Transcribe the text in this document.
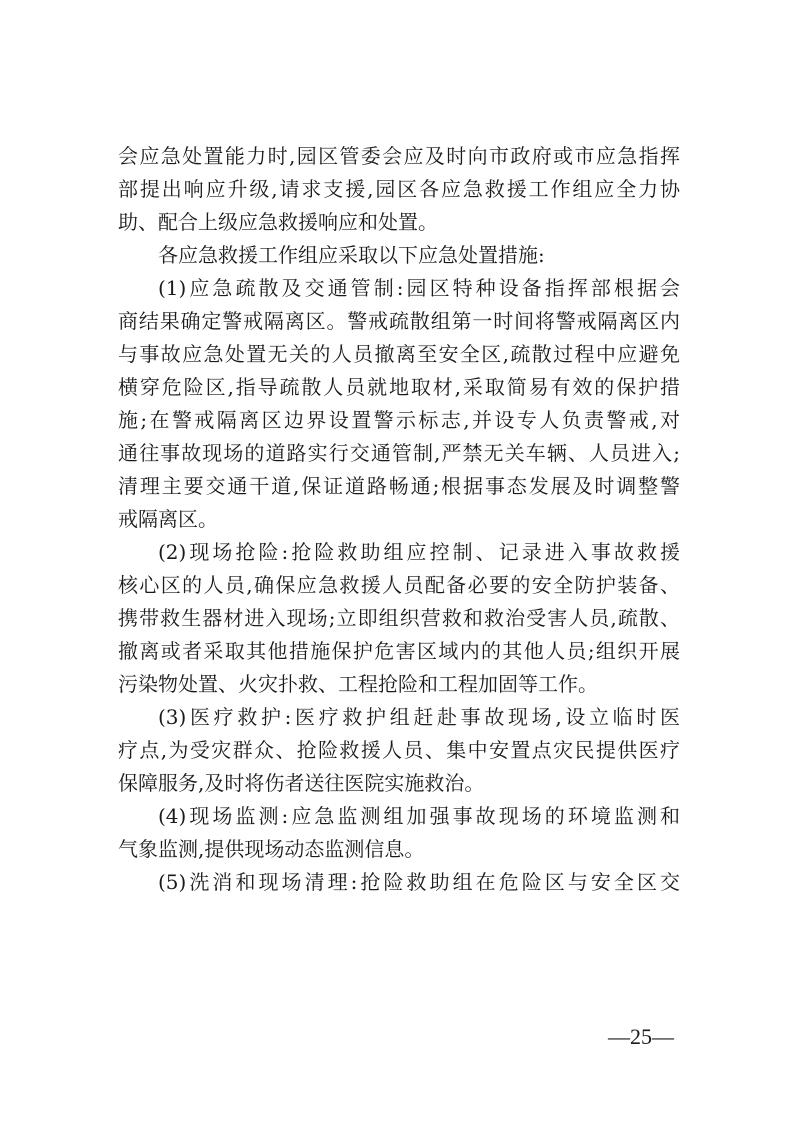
会应急处置能力时,园区管委会应及时向市政府或市应急指挥
部提出响应升级,请求支援,园区各应急救援工作组应全力协
助、配合上级应急救援响应和处置。
各应急救援工作组应采取以下应急处置措施:
(1)应急疏散及交通管制:园区特种设备指挥部根据会
商结果确定警戒隔离区。警戒疏散组第一时间将警戒隔离区内
与事故应急处置无关的人员撤离至安全区,疏散过程中应避免
横穿危险区,指导疏散人员就地取材,采取简易有效的保护措
施;在警戒隔离区边界设置警示标志,并设专人负责警戒,对
通往事故现场的道路实行交通管制,严禁无关车辆、人员进入;
清理主要交通干道,保证道路畅通;根据事态发展及时调整警
戒隔离区。
(2)现场抢险:抢险救助组应控制、记录进入事故救援
核心区的人员,确保应急救援人员配备必要的安全防护装备、
携带救生器材进入现场;立即组织营救和救治受害人员,疏散、
撤离或者采取其他措施保护危害区域内的其他人员;组织开展
污染物处置、火灾扑救、工程抢险和工程加固等工作。
(3)医疗救护:医疗救护组赶赴事故现场,设立临时医
疗点,为受灾群众、抢险救援人员、集中安置点灾民提供医疗
保障服务,及时将伤者送往医院实施救治。
(4)现场监测:应急监测组加强事故现场的环境监测和
气象监测,提供现场动态监测信息。
(5)洗消和现场清理:抢险救助组在危险区与安全区交
—25—
